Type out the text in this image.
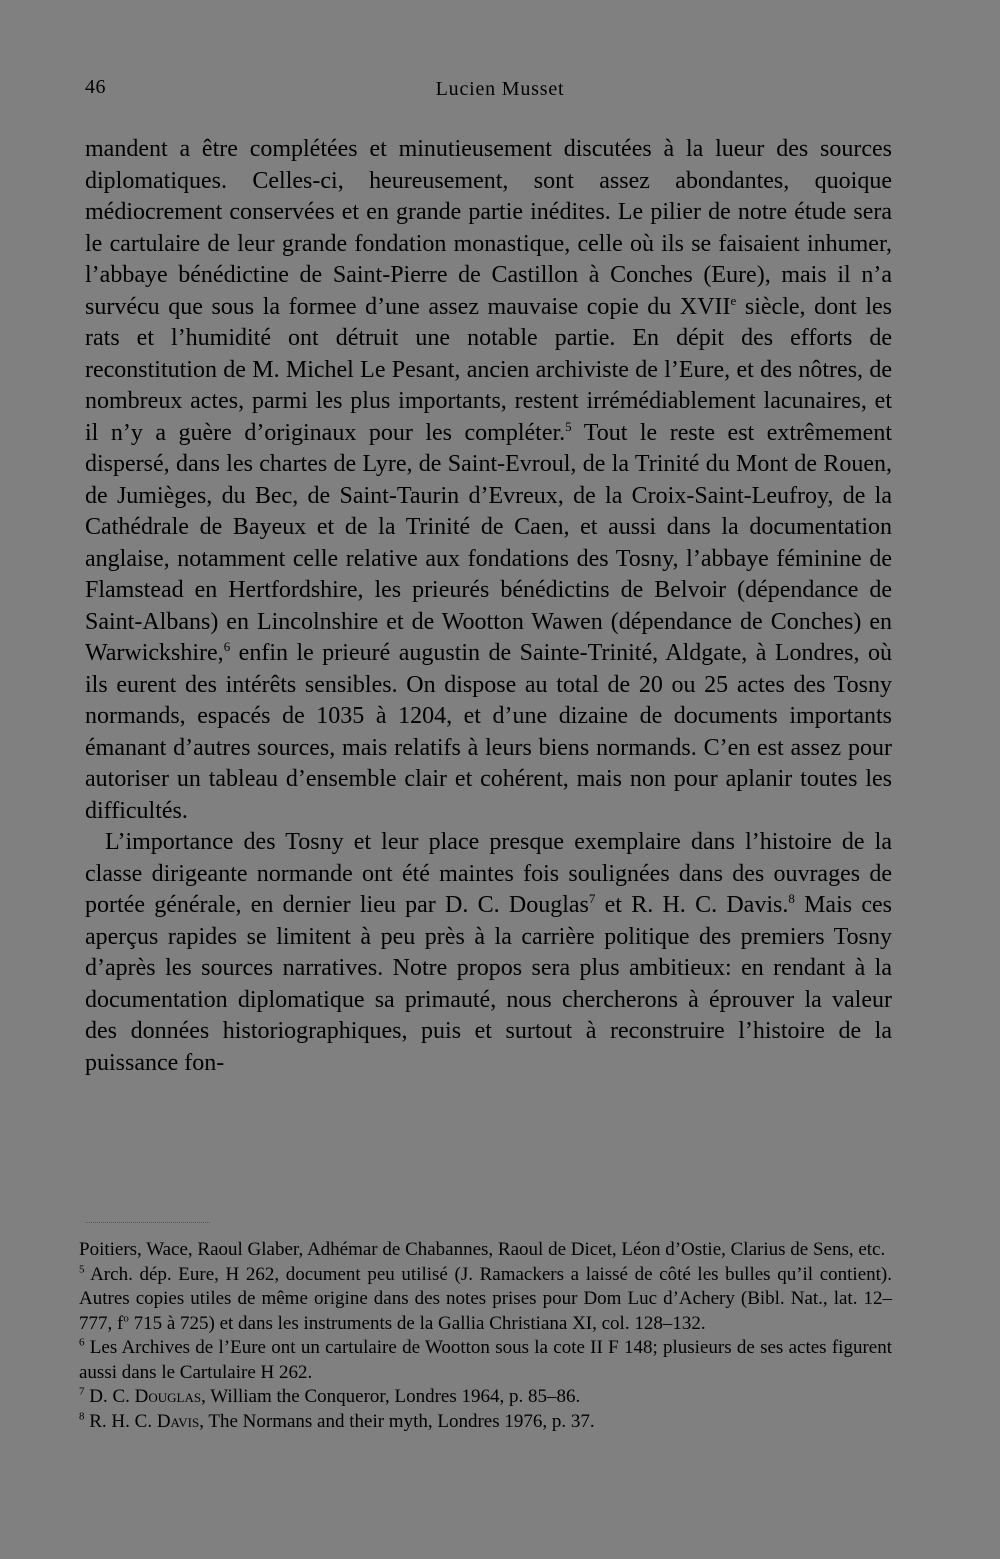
46	Lucien Musset

mandent a être complétées et minutieusement discutées à la lueur des sources diplomatiques. Celles-ci, heureusement, sont assez abondantes, quoique médiocrement conservées et en grande partie inédites. Le pilier de notre étude sera le cartulaire de leur grande fondation monastique, celle où ils se faisaient inhumer, l’abbaye bénédictine de Saint-Pierre de Castillon à Conches (Eure), mais il n’a survécu que sous la formee d’une assez mauvaise copie du XVIIe siècle, dont les rats et l’humidité ont détruit une notable partie. En dépit des efforts de reconstitution de M. Michel Le Pesant, ancien archiviste de l’Eure, et des nôtres, de nombreux actes, parmi les plus importants, restent irrémédiablement lacunaires, et il n’y a guère d’originaux pour les compléter.$^5$ Tout le reste est extrêmement dispersé, dans les chartes de Lyre, de Saint-Evroul, de la Trinité du Mont de Rouen, de Jumièges, du Bec, de Saint-Taurin d’Evreux, de la Croix-Saint-Leufroy, de la Cathédrale de Bayeux et de la Trinité de Caen, et aussi dans la documentation anglaise, notamment celle relative aux fondations des Tosny, l’abbaye féminine de Flamstead en Hertfordshire, les prieurés bénédictins de Belvoir (dépendance de Saint-Albans) en Lincolnshire et de Wootton Wawen (dépendance de Conches) en Warwickshire,$^6$ enfin le prieuré augustin de Sainte-Trinité, Aldgate, à Londres, où ils eurent des intérêts sensibles. On dispose au total de 20 ou 25 actes des Tosny normands, espacés de 1035 à 1204, et d’une dizaine de documents importants émanant d’autres sources, mais relatifs à leurs biens normands. C’en est assez pour autoriser un tableau d’ensemble clair et cohérent, mais non pour aplanir toutes les difficultés.

L’importance des Tosny et leur place presque exemplaire dans l’histoire de la classe dirigeante normande ont été maintes fois soulignées dans des ouvrages de portée générale, en dernier lieu par D. C. Douglas$^7$ et R. H. C. Davis.$^8$ Mais ces aperçus rapides se limitent à peu près à la carrière politique des premiers Tosny d’après les sources narratives. Notre propos sera plus ambitieux: en rendant à la documentation diplomatique sa primauté, nous chercherons à éprouver la valeur des données historiographiques, puis et surtout à reconstruire l’histoire de la puissance fon-

Poitiers, Wace, Raoul Glaber, Adhémar de Chabannes, Raoul de Dicet, Léon d’Ostie, Clarius de Sens, etc.

$^5$ Arch. dép. Eure, H 262, document peu utilisé (J. Ramackers a laissé de côté les bulles qu’il contient). Autres copies utiles de même origine dans des notes prises pour Dom Luc d’Achery (Bibl. Nat., lat. 12–777, $f^o$ 715 à 725) et dans les instruments de la Gallia Christiana XI, col. 128–132.

$^6$ Les Archives de l’Eure ont un cartulaire de Wootton sous la cote II F 148; plusieurs de ses actes figurent aussi dans le Cartulaire H 262.

$^7$ D. C. Douglas, William the Conqueror, Londres 1964, p. 85–86.

$^8$ R. H. C. Davis, The Normans and their myth, Londres 1976, p. 37.
